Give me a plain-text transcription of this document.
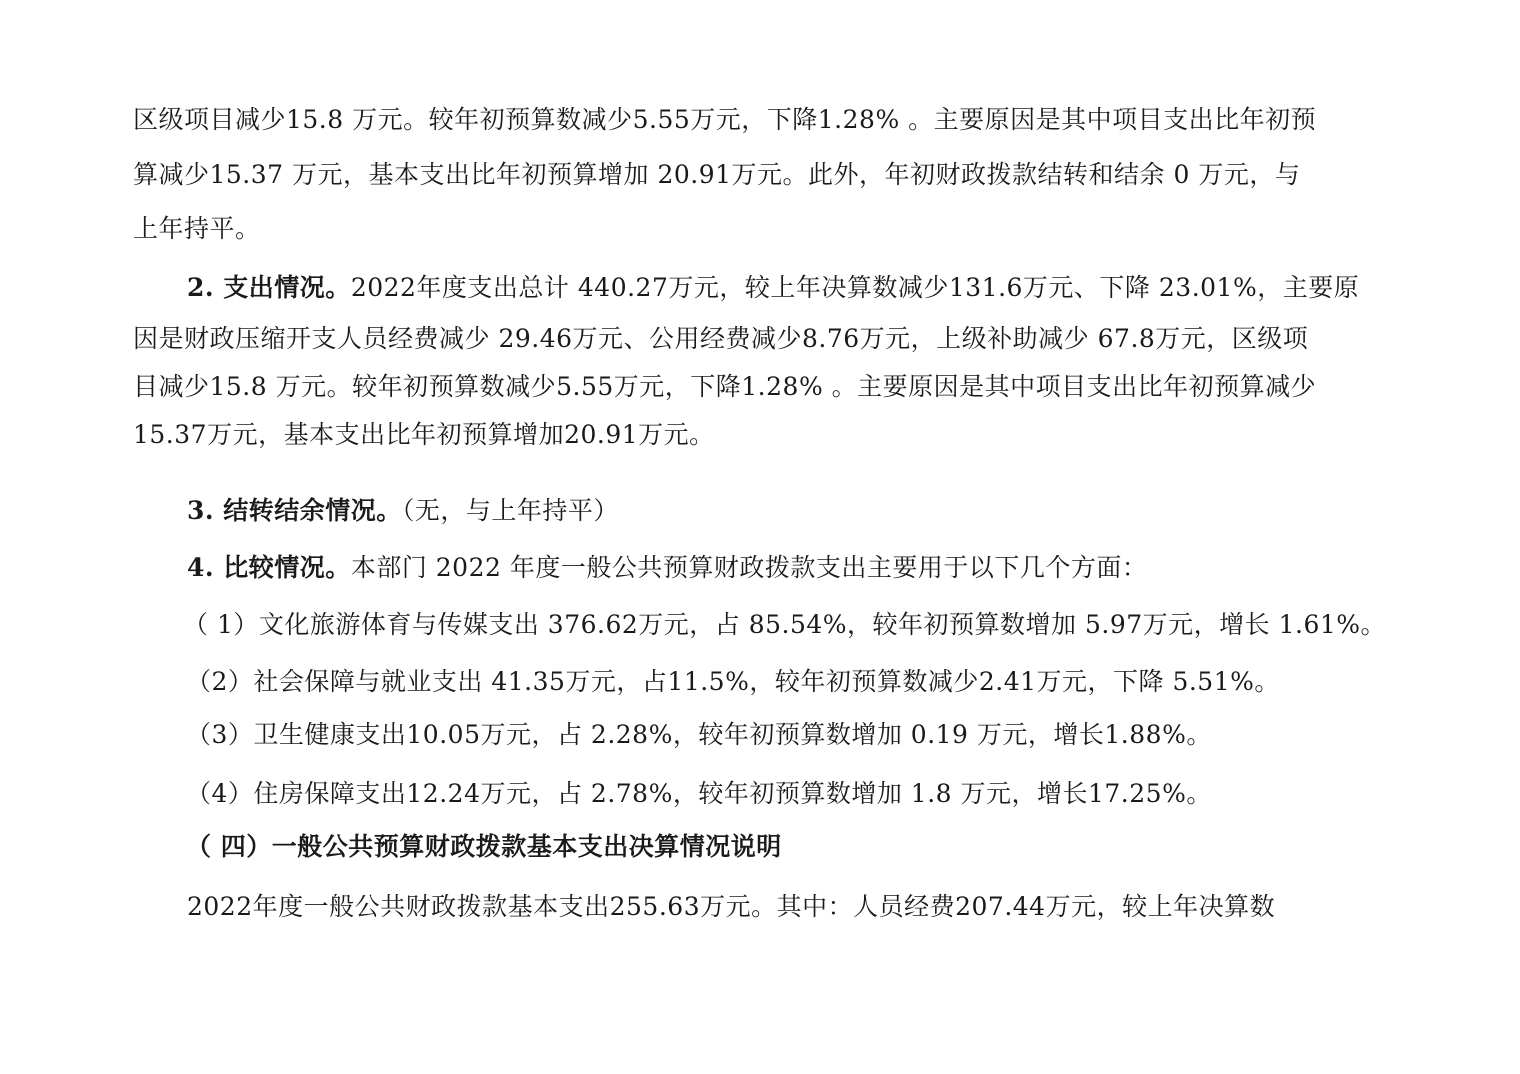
区级项目减少15.8 万元。较年初预算数减少5.55万元，下降1.28% 。主要原因是其中项目支出比年初预
算减少15.37 万元，基本支出比年初预算增加 20.91万元。此外，年初财政拨款结转和结余 0 万元，与
上年持平。
2. 支出情况。2022年度支出总计 440.27万元，较上年决算数减少131.6万元、下降 23.01%，主要原
因是财政压缩开支人员经费减少 29.46万元、公用经费减少8.76万元，上级补助减少 67.8万元，区级项
目减少15.8 万元。较年初预算数减少5.55万元，下降1.28% 。主要原因是其中项目支出比年初预算减少
15.37万元，基本支出比年初预算增加20.91万元。
3. 结转结余情况。（无，与上年持平）
4. 比较情况。本部门 2022 年度一般公共预算财政拨款支出主要用于以下几个方面：
（ 1）文化旅游体育与传媒支出 376.62万元，占 85.54%，较年初预算数增加 5.97万元，增长 1.61%。
（2）社会保障与就业支出 41.35万元，占11.5%，较年初预算数减少2.41万元，下降 5.51%。
（3）卫生健康支出10.05万元，占 2.28%，较年初预算数增加 0.19 万元，增长1.88%。
（4）住房保障支出12.24万元，占 2.78%，较年初预算数增加 1.8 万元，增长17.25%。
（ 四）一般公共预算财政拨款基本支出决算情况说明
2022年度一般公共财政拨款基本支出255.63万元。其中：人员经费207.44万元，较上年决算数
